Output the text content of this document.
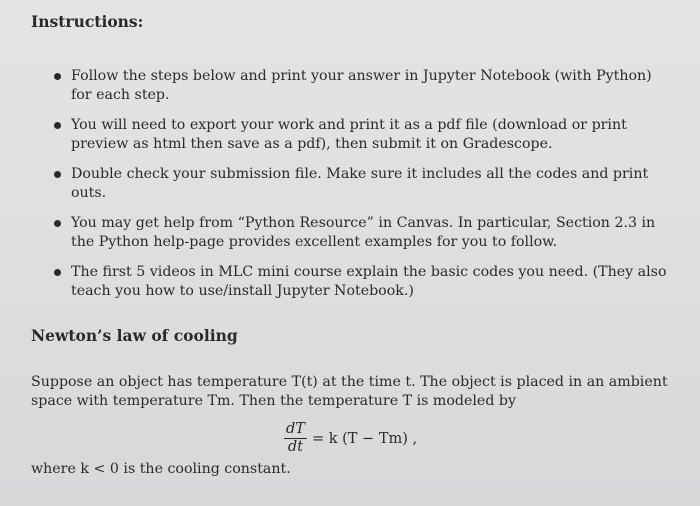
Instructions:
Follow the steps below and print your answer in Jupyter Notebook (with Python) for each step.
You will need to export your work and print it as a pdf file (download or print preview as html then save as a pdf), then submit it on Gradescope.
Double check your submission file. Make sure it includes all the codes and print outs.
You may get help from “Python Resource” in Canvas. In particular, Section 2.3 in the Python help-page provides excellent examples for you to follow.
The first 5 videos in MLC mini course explain the basic codes you need. (They also teach you how to use/install Jupyter Notebook.)
Newton’s law of cooling

Suppose an object has temperature T(t) at the time t. The object is placed in an ambient space with temperature Tm. Then the temperature T is modeled by

$\frac{dT}{dt} = k$ (T − Tm) ,

where k < 0 is the cooling constant.
